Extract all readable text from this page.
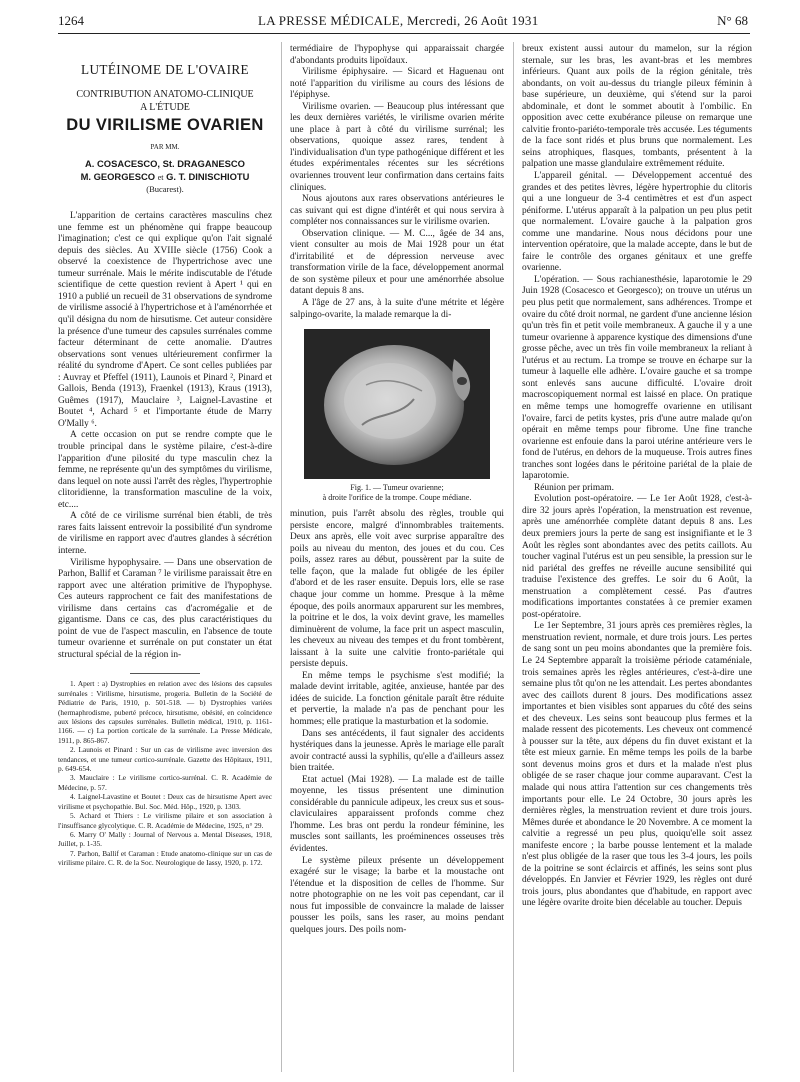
1264	LA PRESSE MÉDICALE, Mercredi, 26 Août 1931	N° 68
LUTÉINOME DE L'OVAIRE
CONTRIBUTION ANATOMO-CLINIQUE
A L'ÉTUDE
DU VIRILISME OVARIEN
PAR MM.
A. COSACESCO, St. DRAGANESCO
M. GEORGESCO et G. T. DINISCHIOTU
(Bucarest).

L'apparition de certains caractères masculins chez une femme est un phénomène qui frappe beaucoup l'imagination; c'est ce qui explique qu'on l'ait signalé depuis des siècles. Au XVIIIe siècle (1756) Cook a observé la coexistence de l'hypertrichose avec une tumeur surrénale. Mais le mérite indiscutable de l'étude scientifique de cette question revient à Apert ¹ qui en 1910 a publié un recueil de 31 observations de syndrome de virilisme associé à l'hypertrichose et à l'aménorrhée et qu'il désigna du nom de hirsutisme. Cet auteur considère la présence d'une tumeur des capsules surrénales comme facteur déterminant de cette anomalie. D'autres observations sont venues ultérieurement confirmer la réalité du syndrome d'Apert. Ce sont celles publiées par : Auvray et Pfeffel (1911), Launois et Pinard ², Pinard et Gallois, Benda (1913), Fraenkel (1913), Kraus (1913), Guêmes (1917), Mauclaire ³, Laignel-Lavastine et Boutet ⁴, Achard ⁵ et l'importante étude de Marry O'Mally ⁶.

A cette occasion on put se rendre compte que le trouble principal dans le système pilaire, c'est-à-dire l'apparition d'une pilosité du type masculin chez la femme, ne représente qu'un des symptômes du virilisme, dans lequel on note aussi l'arrêt des règles, l'hypertrophie clitoridienne, la transformation masculine de la voix, etc....

A côté de ce virilisme surrénal bien établi, de très rares faits laissent entrevoir la possibilité d'un syndrome de virilisme en rapport avec d'autres glandes à sécrétion interne.

Virilisme hypophysaire. — Dans une observation de Parhon, Ballif et Caraman ⁷ le virilisme paraissait être en rapport avec une altération primitive de l'hypophyse. Ces auteurs rapprochent ce fait des manifestations de virilisme dans certains cas d'acromégalie et de gigantisme. Dans ce cas, des plus caractéristiques du point de vue de l'aspect masculin, en l'absence de toute tumeur ovarienne et surrénale on put constater un état structural spécial de la région in-

1. Apert : a) Dystrophies en relation avec des lésions des capsules surrénales : Virilisme, hirsutisme, progeria. Bulletin de la Société de Pédiatrie de Paris, 1910, p. 501-518. — b) Dystrophies variées (hermaphrodisme, puberté précoce, hirsutisme, obésité, en coïncidence aux lésions des capsules surrénales. Bulletin médical, 1910, p. 1161-1166. — c) La portion corticale de la surrénale. La Presse Médicale, 1911, p. 865-867.

2. Launois et Pinard : Sur un cas de virilisme avec inversion des tendances, et une tumeur cortico-surrénale. Gazette des Hôpitaux, 1911, p. 649-654.

3. Mauclaire : Le virilisme cortico-surrénal. C. R. Académie de Médecine, p. 57.

4. Laignel-Lavastine et Boutet : Deux cas de hirsutisme Apert avec virilisme et psychopathie. Bul. Soc. Méd. Hôp., 1920, p. 1303.

5. Achard et Thiers : Le virilisme pilaire et son association à l'insuffisance glycolytique. C. R. Académie de Médecine, 1925, n° 29.

6. Marry O' Mally : Journal of Nervous a. Mental Diseases, 1918, Juillet, p. 1-35.

7. Parhon, Ballif et Caraman : Etude anatomo-clinique sur un cas de virilisme pilaire. C. R. de la Soc. Neurologique de Iassy, 1920, p. 172.

termédiaire de l'hypophyse qui apparaissait chargée d'abondants produits lipoïdaux.

Virilisme épiphysaire. — Sicard et Haguenau ont noté l'apparition du virilisme au cours des lésions de l'épiphyse.

Virilisme ovarien. — Beaucoup plus intéressant que les deux dernières variétés, le virilisme ovarien mérite une place à part à côté du virilisme surrénal; les observations, quoique assez rares, tendent à l'individualisation d'un type pathogénique différent et les études expérimentales récentes sur les sécrétions ovariennes trouvent leur confirmation dans certains faits cliniques.

Nous ajoutons aux rares observations antérieures le cas suivant qui est digne d'intérêt et qui nous servira à compléter nos connaissances sur le virilisme ovarien.

Observation clinique. — M. C..., âgée de 34 ans, vient consulter au mois de Mai 1928 pour un état d'irritabilité et de dépression nerveuse avec transformation virile de la face, développement anormal de son système pileux et pour une aménorrhée absolue datant depuis 8 ans.

A l'âge de 27 ans, à la suite d'une métrite et légère salpingo-ovarite, la malade remarque la di-

Fig. 1. — Tumeur ovarienne;
à droite l'orifice de la trompe. Coupe médiane.

minution, puis l'arrêt absolu des règles, trouble qui persiste encore, malgré d'innombrables traitements. Deux ans après, elle voit avec surprise apparaître des poils au niveau du menton, des joues et du cou. Ces poils, assez rares au début, poussèrent par la suite de telle façon, que la malade fut obligée de les épiler d'abord et de les raser ensuite. Depuis lors, elle se rase chaque jour comme un homme. Presque à la même époque, des poils anormaux apparurent sur les membres, la poitrine et le dos, la voix devint grave, les mamelles diminuèrent de volume, la face prit un aspect masculin, les cheveux au niveau des tempes et du front tombèrent, laissant à la suite une calvitie fronto-pariétale qui persiste depuis.

En même temps le psychisme s'est modifié; la malade devint irritable, agitée, anxieuse, hantée par des idées de suicide. La fonction génitale paraît être réduite et pervertie, la malade n'a pas de penchant pour les hommes; elle pratique la masturbation et la sodomie.

Dans ses antécédents, il faut signaler des accidents hystériques dans la jeunesse. Après le mariage elle paraît avoir contracté aussi la syphilis, qu'elle a d'ailleurs assez bien traitée.

Etat actuel (Mai 1928). — La malade est de taille moyenne, les tissus présentent une diminution considérable du pannicule adipeux, les creux sus et sous-claviculaires apparaissent profonds comme chez l'homme. Les bras ont perdu la rondeur féminine, les muscles sont saillants, les proéminences osseuses très évidentes.

Le système pileux présente un développement exagéré sur le visage; la barbe et la moustache ont l'étendue et la disposition de celles de l'homme. Sur notre photographie on ne les voit pas cependant, car il nous fut impossible de convaincre la malade de laisser pousser les poils, sans les raser, au moins pendant quelques jours. Des poils nom-

breux existent aussi autour du mamelon, sur la région sternale, sur les bras, les avant-bras et les membres inférieurs. Quant aux poils de la région génitale, très abondants, on voit au-dessus du triangle pileux féminin à base supérieure, un deuxième, qui s'étend sur la paroi abdominale, et dont le sommet aboutit à l'ombilic. En opposition avec cette exubérance pileuse on remarque une calvitie fronto-pariéto-temporale très accusée. Les téguments de la face sont ridés et plus bruns que normalement. Les seins atrophiques, flasques, tombants, présentent à la palpation une masse glandulaire extrêmement réduite.

L'appareil génital. — Développement accentué des grandes et des petites lèvres, légère hypertrophie du clitoris qui a une longueur de 3-4 centimètres et est d'un aspect péniforme. L'utérus apparaît à la palpation un peu plus petit que normalement. L'ovaire gauche à la palpation gros comme une mandarine. Nous nous décidons pour une intervention opératoire, que la malade accepte, dans le but de faire le contrôle des organes génitaux et une greffe ovarienne.

L'opération. — Sous rachianesthésie, laparotomie le 29 Juin 1928 (Cosacesco et Georgesco); on trouve un utérus un peu plus petit que normalement, sans adhérences. Trompe et ovaire du côté droit normal, ne gardent d'une ancienne lésion qu'un très fin et petit voile membraneux. A gauche il y a une tumeur ovarienne à apparence kystique des dimensions d'une grosse pêche, avec un très fin voile membraneux la reliant à l'utérus et au rectum. La trompe se trouve en écharpe sur la tumeur à laquelle elle adhère. L'ovaire gauche et sa trompe sont enlevés sans aucune difficulté. L'ovaire droit macroscopiquement normal est laissé en place. On pratique en même temps une homogreffe ovarienne en utilisant l'ovaire, farci de petits kystes, pris d'une autre malade qu'on opérait en même temps pour fibrome. Une fine tranche ovarienne est enfouie dans la paroi utérine antérieure vers le fond de l'utérus, en dehors de la muqueuse. Trois autres fines tranches sont logées dans le péritoine pariétal de la plaie de laparotomie.

Réunion per primam.

Evolution post-opératoire. — Le 1er Août 1928, c'est-à-dire 32 jours après l'opération, la menstruation est revenue, après une aménorrhée complète datant depuis 8 ans. Les deux premiers jours la perte de sang est insignifiante et le 3 Août les règles sont abondantes avec des petits caillots. Au toucher vaginal l'utérus est un peu sensible, la pression sur le nid pariétal des greffes ne réveille aucune sensibilité qui traduise l'existence des greffes. Le soir du 6 Août, la menstruation a complètement cessé. Pas d'autres modifications importantes constatées à ce premier examen post-opératoire.

Le 1er Septembre, 31 jours après ces premières règles, la menstruation revient, normale, et dure trois jours. Les pertes de sang sont un peu moins abondantes que la première fois. Le 24 Septembre apparaît la troisième période cataméniale, trois semaines après les règles antérieures, c'est-à-dire une semaine plus tôt qu'on ne les attendait. Les pertes abondantes avec des caillots durent 8 jours. Des modifications assez importantes et bien visibles sont apparues du côté des seins et des cheveux. Les seins sont beaucoup plus fermes et la malade ressent des picotements. Les cheveux ont commencé à pousser sur la tête, aux dépens du fin duvet existant et la tête est mieux garnie. En même temps les poils de la barbe sont devenus moins gros et durs et la malade n'est plus obligée de se raser chaque jour comme auparavant. C'est la malade qui nous attira l'attention sur ces changements très importants pour elle. Le 24 Octobre, 30 jours après les dernières règles, la menstruation revient et dure trois jours. Mêmes durée et abondance le 20 Novembre. A ce moment la calvitie a regressé un peu plus, quoiqu'elle soit assez manifeste encore ; la barbe pousse lentement et la malade n'est plus obligée de la raser que tous les 3-4 jours, les poils de la poitrine se sont éclaircis et affinés, les seins sont plus développés. En Janvier et Février 1929, les règles ont duré trois jours, plus abondantes que d'habitude, en rapport avec une légère ovarite droite bien décelable au toucher. Depuis
